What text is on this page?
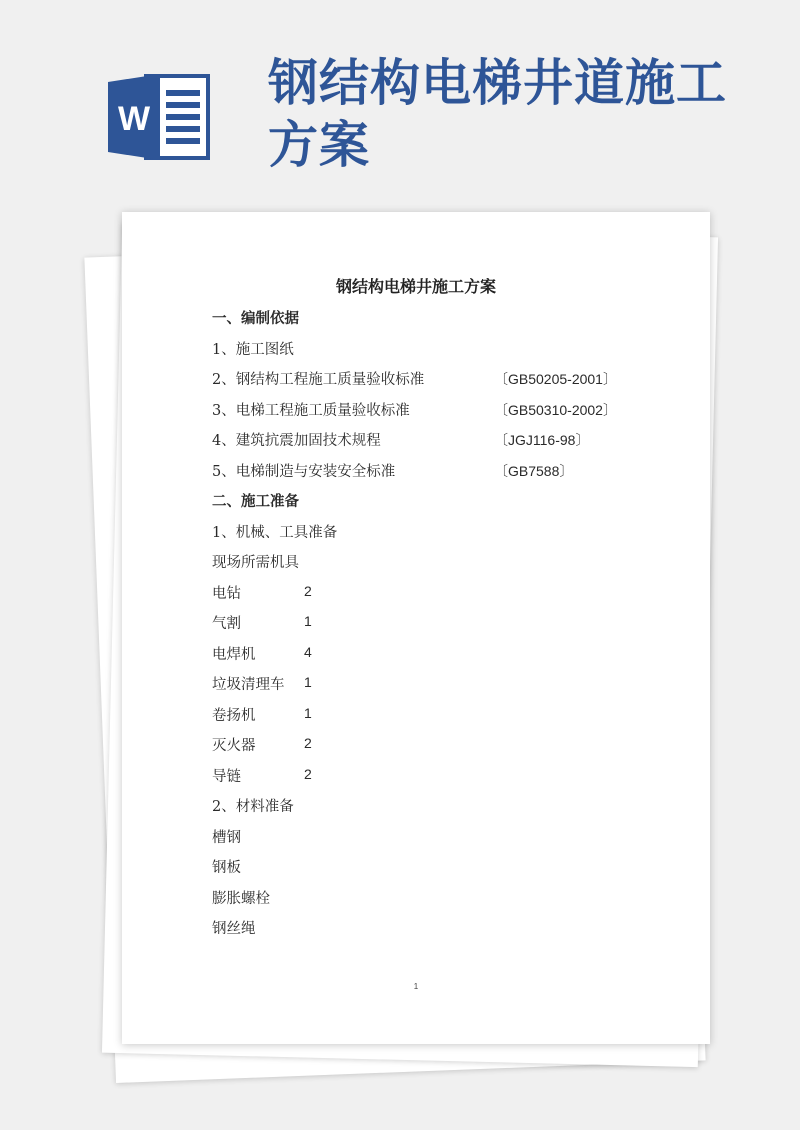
W
钢结构电梯井道施工方案
钢结构电梯井施工方案
一、编制依据
1、施工图纸
2、钢结构工程施工质量验收标准	〔GB50205-2001〕
3、电梯工程施工质量验收标准	〔GB50310-2002〕
4、建筑抗震加固技术规程	〔JGJ116-98〕
5、电梯制造与安装安全标准	〔GB7588〕
二、施工准备
1、机械、工具准备
现场所需机具
电钻	2
气割	1
电焊机	4
垃圾清理车 1
卷扬机	1
灭火器	2
导链	2
2、材料准备
槽钢
钢板
膨胀螺栓
钢丝绳
1
